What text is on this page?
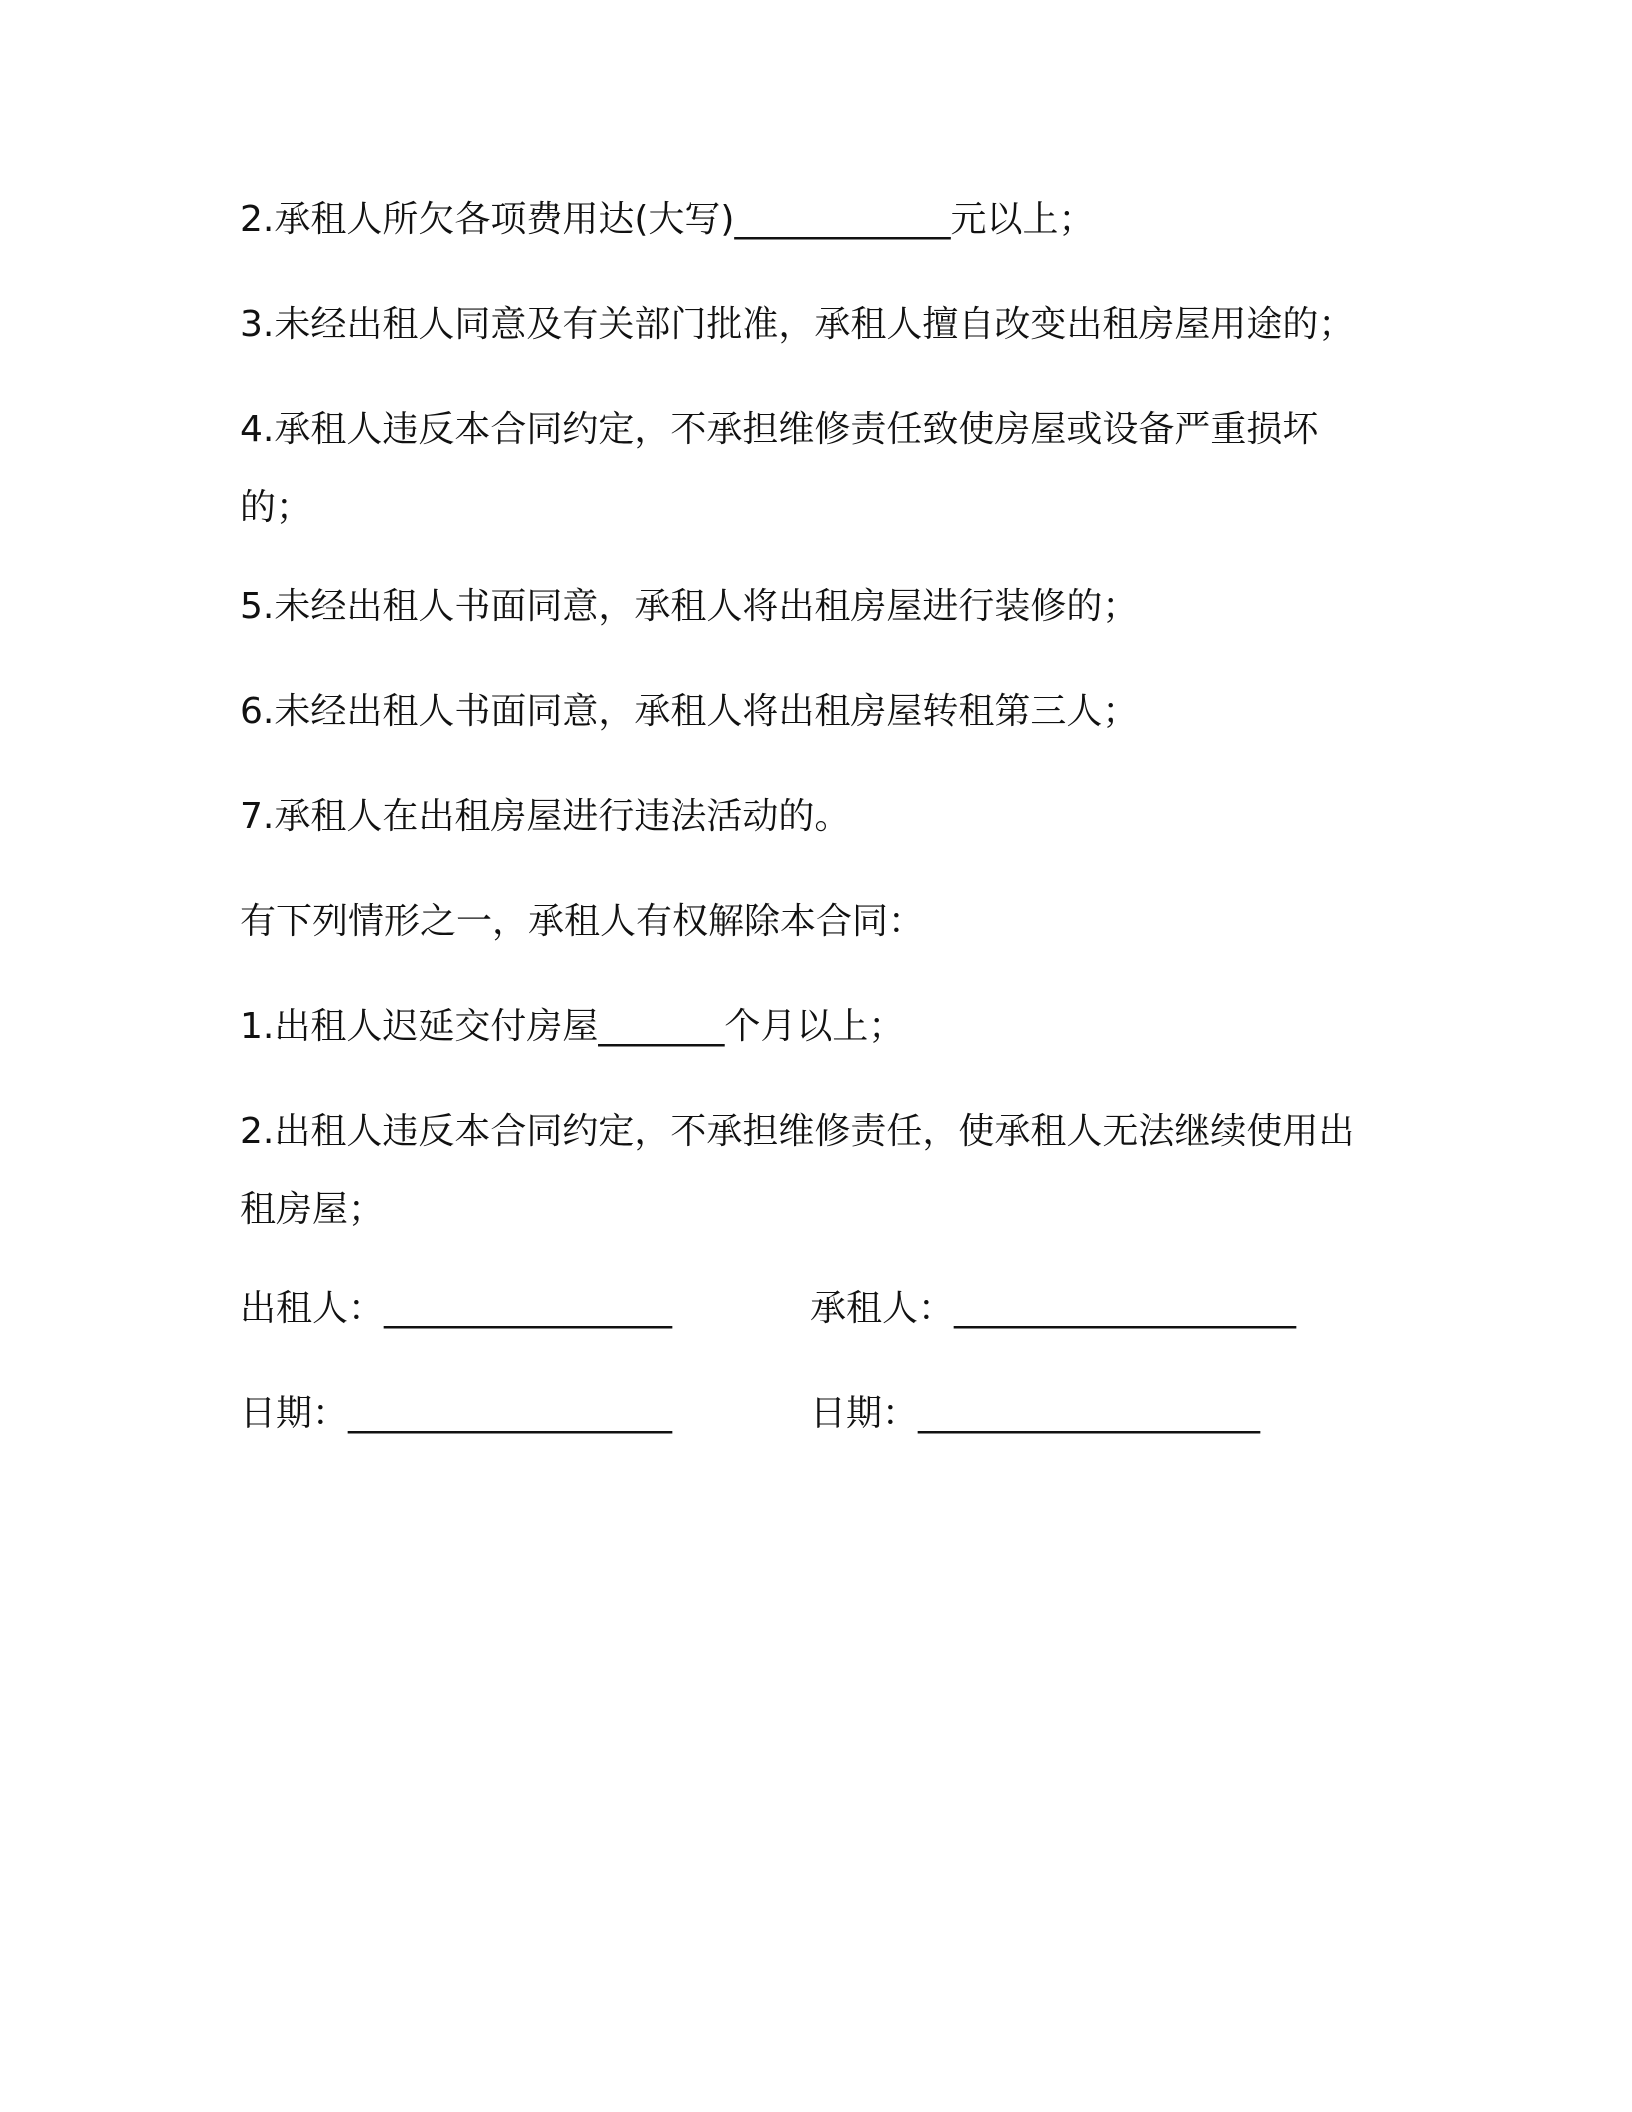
2.承租人所欠各项费用达(大写)____________元以上；
3.未经出租人同意及有关部门批准，承租人擅自改变出租房屋用途的；
4.承租人违反本合同约定，不承担维修责任致使房屋或设备严重损坏的；
5.未经出租人书面同意，承租人将出租房屋进行装修的；
6.未经出租人书面同意，承租人将出租房屋转租第三人；
7.承租人在出租房屋进行违法活动的。
有下列情形之一，承租人有权解除本合同：
1.出租人迟延交付房屋_______个月以上；
2.出租人违反本合同约定，不承担维修责任，使承租人无法继续使用出租房屋；
出租人：________________	承租人：___________________
日期：__________________	日期：___________________
